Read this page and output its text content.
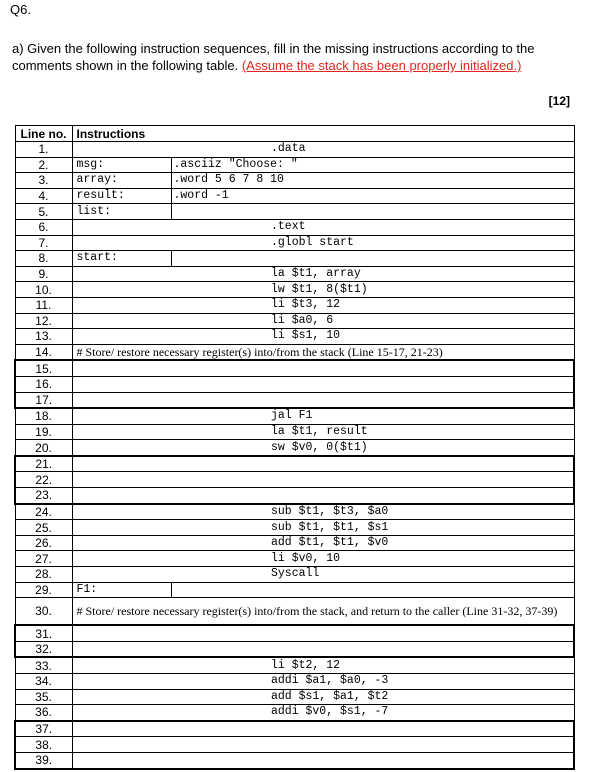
Q6.
a) Given the following instruction sequences, fill in the missing instructions according to the comments shown in the following table. (Assume the stack has been properly initialized.)
[12]
Line no.	Instructions	
1.		.data
2.	msg:	.asciiz "Choose: "
3.	array:	.word 5 6 7 8 10
4.	result:	.word -1
5.	list:	
6.		.text
7.		.globl start
8.	start:	
9.		la $t1, array
10.		lw $t1, 8($t1)
11.		li $t3, 12
12.		li $a0, 6
13.		li $s1, 10
14.	# Store/ restore necessary register(s) into/from the stack (Line 15-17, 21-23)	
15.		
16.		
17.		
18.		jal F1
19.		la $t1, result
20.		sw $v0, 0($t1)
21.		
22.		
23.		
24.		sub $t1, $t3, $a0
25.		sub $t1, $t1, $s1
26.		add $t1, $t1, $v0
27.		li $v0, 10
28.		Syscall
29.	F1:	
30.	# Store/ restore necessary register(s) into/from the stack, and return to the caller (Line 31-32, 37-39)	
31.		
32.		
33.		li $t2, 12
34.		addi $a1, $a0, -3
35.		add $s1, $a1, $t2
36.		addi $v0, $s1, -7
37.		
38.		
39.		
